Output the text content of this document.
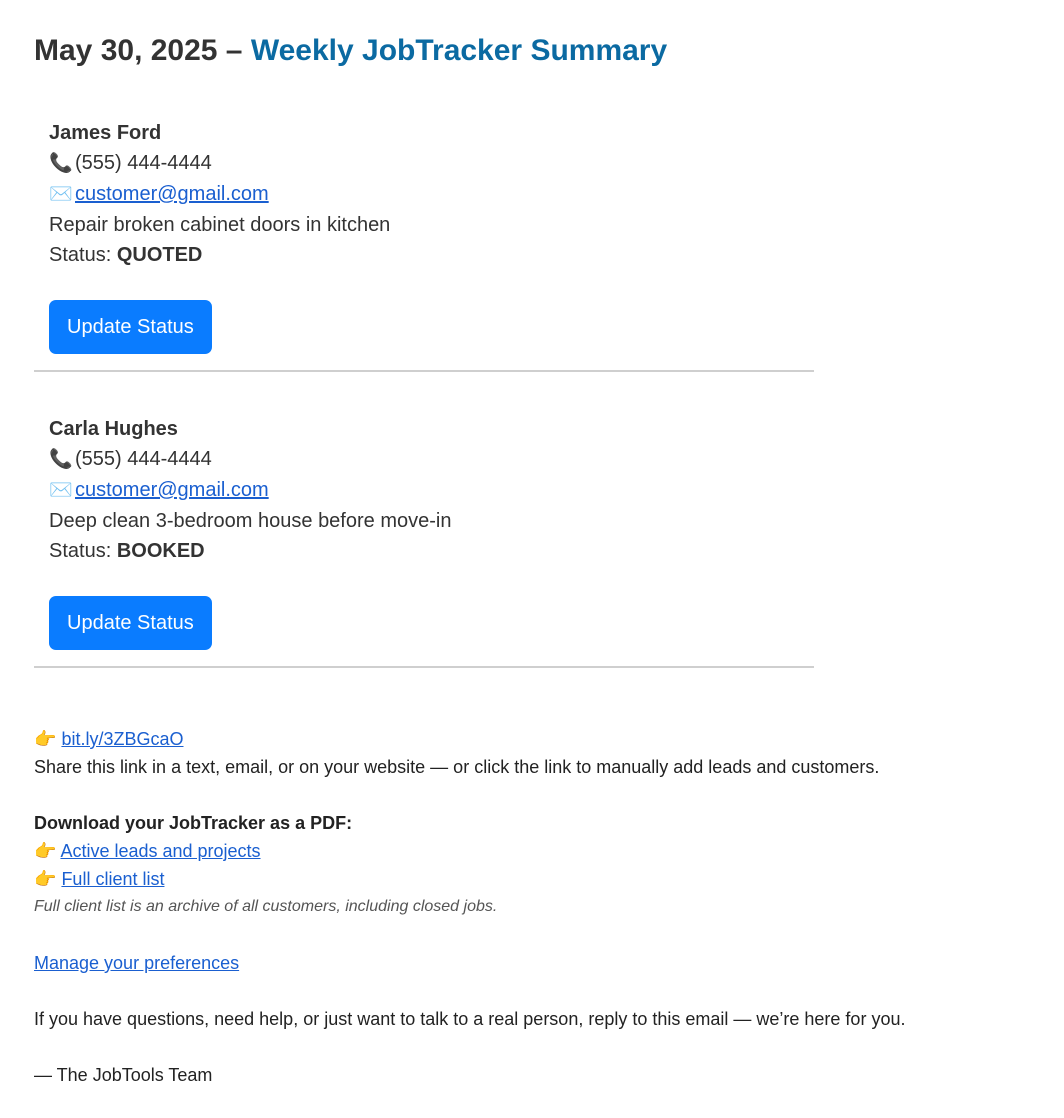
May 30, 2025 – Weekly JobTracker Summary
James Ford
📞 (555) 444-4444
✉️ customer@gmail.com
Repair broken cabinet doors in kitchen
Status: QUOTED
Update Status
Carla Hughes
📞 (555) 444-4444
✉️ customer@gmail.com
Deep clean 3-bedroom house before move-in
Status: BOOKED
Update Status
👉 bit.ly/3ZBGcaO
Share this link in a text, email, or on your website — or click the link to manually add leads and customers.
Download your JobTracker as a PDF:
👉 Active leads and projects
👉 Full client list
Full client list is an archive of all customers, including closed jobs.
Manage your preferences
If you have questions, need help, or just want to talk to a real person, reply to this email — we’re here for you.
— The JobTools Team
